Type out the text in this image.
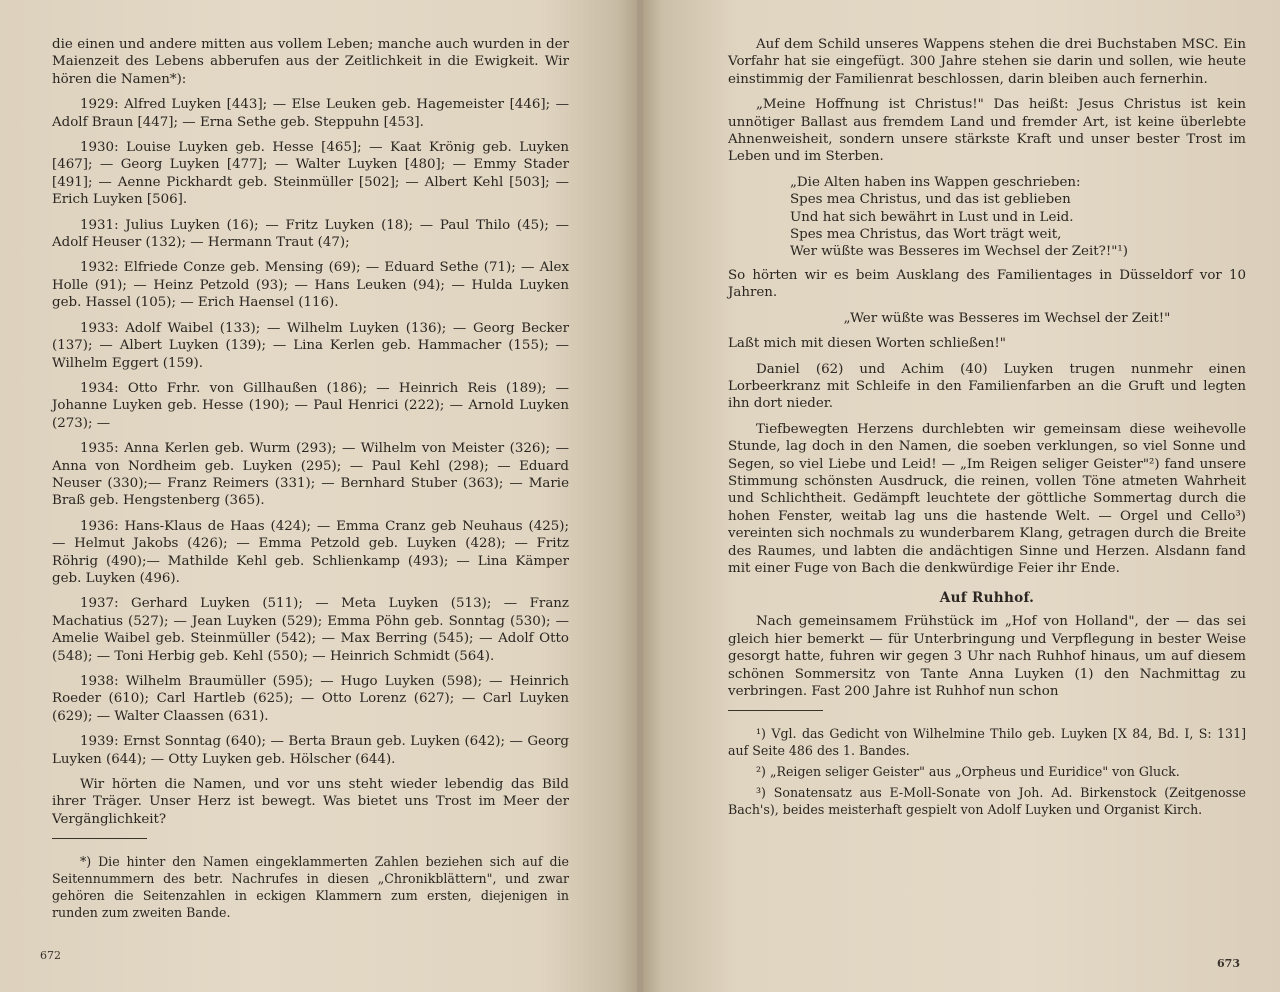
die einen und andere mitten aus vollem Leben; manche auch wurden in der Maienzeit des Lebens abberufen aus der Zeitlichkeit in die Ewigkeit. Wir hören die Namen*):

1929: Alfred Luyken [443]; — Else Leuken geb. Hagemeister [446]; — Adolf Braun [447]; — Erna Sethe geb. Steppuhn [453].

1930: Louise Luyken geb. Hesse [465]; — Kaat Krönig geb. Luyken [467]; — Georg Luyken [477]; — Walter Luyken [480]; — Emmy Stader [491]; — Aenne Pickhardt geb. Steinmüller [502]; — Albert Kehl [503]; — Erich Luyken [506].

1931: Julius Luyken (16); — Fritz Luyken (18); — Paul Thilo (45); — Adolf Heuser (132); — Hermann Traut (47);

1932: Elfriede Conze geb. Mensing (69); — Eduard Sethe (71); — Alex Holle (91); — Heinz Petzold (93); — Hans Leuken (94); — Hulda Luyken geb. Hassel (105); — Erich Haensel (116).

1933: Adolf Waibel (133); — Wilhelm Luyken (136); — Georg Becker (137); — Albert Luyken (139); — Lina Kerlen geb. Hammacher (155); — Wilhelm Eggert (159).

1934: Otto Frhr. von Gillhaußen (186); — Heinrich Reis (189); — Johanne Luyken geb. Hesse (190); — Paul Henrici (222); — Arnold Luyken (273); —

1935: Anna Kerlen geb. Wurm (293); — Wilhelm von Meister (326); — Anna von Nordheim geb. Luyken (295); — Paul Kehl (298); — Eduard Neuser (330);— Franz Reimers (331); — Bernhard Stuber (363); — Marie Braß geb. Hengstenberg (365).

1936: Hans-Klaus de Haas (424); — Emma Cranz geb Neuhaus (425); — Helmut Jakobs (426); — Emma Petzold geb. Luyken (428); — Fritz Röhrig (490);— Mathilde Kehl geb. Schlienkamp (493); — Lina Kämper geb. Luyken (496).

1937: Gerhard Luyken (511); — Meta Luyken (513); — Franz Machatius (527); — Jean Luyken (529); Emma Pöhn geb. Sonntag (530); — Amelie Waibel geb. Steinmüller (542); — Max Berring (545); — Adolf Otto (548); — Toni Herbig geb. Kehl (550); — Heinrich Schmidt (564).

1938: Wilhelm Braumüller (595); — Hugo Luyken (598); — Heinrich Roeder (610); Carl Hartleb (625); — Otto Lorenz (627); — Carl Luyken (629); — Walter Claassen (631).

1939: Ernst Sonntag (640); — Berta Braun geb. Luyken (642); — Georg Luyken (644); — Otty Luyken geb. Hölscher (644).

Wir hörten die Namen, und vor uns steht wieder lebendig das Bild ihrer Träger. Unser Herz ist bewegt. Was bietet uns Trost im Meer der Vergänglichkeit?

*) Die hinter den Namen eingeklammerten Zahlen beziehen sich auf die Seitennummern des betr. Nachrufes in diesen „Chronikblättern", und zwar gehören die Seitenzahlen in eckigen Klammern zum ersten, diejenigen in runden zum zweiten Bande.

672

Auf dem Schild unseres Wappens stehen die drei Buchstaben MSC. Ein Vorfahr hat sie eingefügt. 300 Jahre stehen sie darin und sollen, wie heute einstimmig der Familienrat beschlossen, darin bleiben auch fernerhin.

„Meine Hoffnung ist Christus!" Das heißt: Jesus Christus ist kein unnötiger Ballast aus fremdem Land und fremder Art, ist keine überlebte Ahnenweisheit, sondern unsere stärkste Kraft und unser bester Trost im Leben und im Sterben.

„Die Alten haben ins Wappen geschrieben:
Spes mea Christus, und das ist geblieben
Und hat sich bewährt in Lust und in Leid.
Spes mea Christus, das Wort trägt weit,
Wer wüßte was Besseres im Wechsel der Zeit?!"¹)

So hörten wir es beim Ausklang des Familientages in Düsseldorf vor 10 Jahren.

„Wer wüßte was Besseres im Wechsel der Zeit!"

Laßt mich mit diesen Worten schließen!"

Daniel (62) und Achim (40) Luyken trugen nunmehr einen Lorbeerkranz mit Schleife in den Familienfarben an die Gruft und legten ihn dort nieder.

Tiefbewegten Herzens durchlebten wir gemeinsam diese weihevolle Stunde, lag doch in den Namen, die soeben verklungen, so viel Sonne und Segen, so viel Liebe und Leid! — „Im Reigen seliger Geister"²) fand unsere Stimmung schönsten Ausdruck, die reinen, vollen Töne atmeten Wahrheit und Schlichtheit. Gedämpft leuchtete der göttliche Sommertag durch die hohen Fenster, weitab lag uns die hastende Welt. — Orgel und Cello³) vereinten sich nochmals zu wunderbarem Klang, getragen durch die Breite des Raumes, und labten die andächtigen Sinne und Herzen. Alsdann fand mit einer Fuge von Bach die denkwürdige Feier ihr Ende.

Auf Ruhhof.

Nach gemeinsamem Frühstück im „Hof von Holland", der — das sei gleich hier bemerkt — für Unterbringung und Verpflegung in bester Weise gesorgt hatte, fuhren wir gegen 3 Uhr nach Ruhhof hinaus, um auf diesem schönen Sommersitz von Tante Anna Luyken (1) den Nachmittag zu verbringen. Fast 200 Jahre ist Ruhhof nun schon

¹) Vgl. das Gedicht von Wilhelmine Thilo geb. Luyken [X 84, Bd. I, S: 131] auf Seite 486 des 1. Bandes.

²) „Reigen seliger Geister" aus „Orpheus und Euridice" von Gluck.

³) Sonatensatz aus E-Moll-Sonate von Joh. Ad. Birkenstock (Zeitgenosse Bach's), beides meisterhaft gespielt von Adolf Luyken und Organist Kirch.

673
